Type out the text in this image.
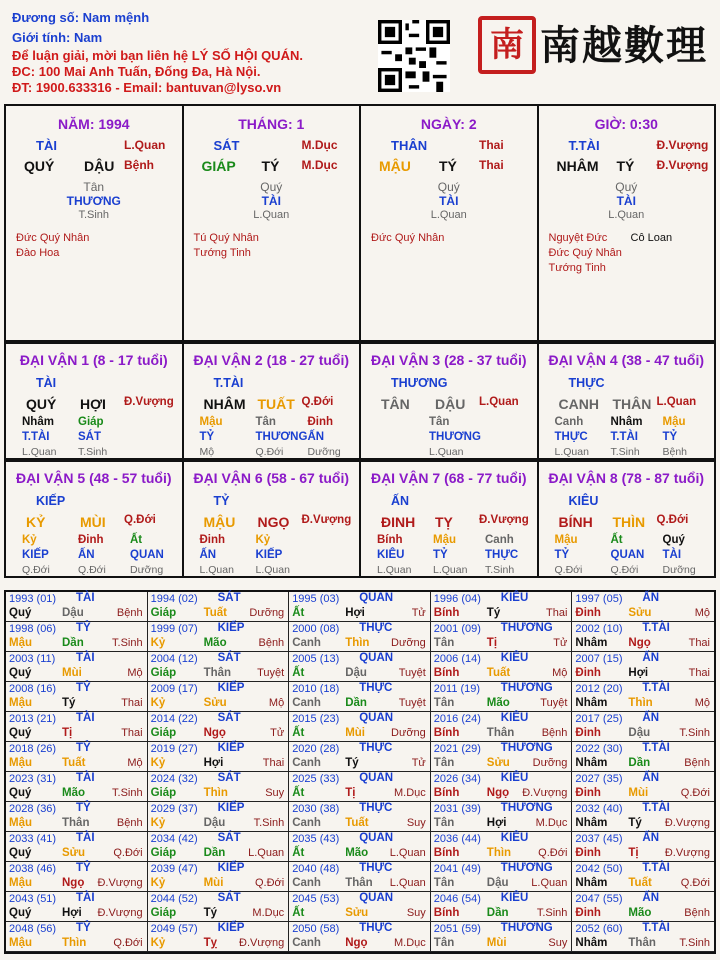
Đương số: Nam mệnh
Giới tính: Nam
Để luận giải, mời bạn liên hệ LÝ SỐ HỘI QUÁN.
ĐC: 100 Mai Anh Tuấn, Đống Đa, Hà Nội.
ĐT: 1900.633316 - Email: bantuvan@lyso.vn
南 南越數理
NĂM: 1994
TÀI	L.Quan
QUÝ DẬU Bệnh
Tân
THƯƠNG
T.Sinh
Đức Quý Nhân
Đào Hoa
THÁNG: 1
SÁT	M.Dục
GIÁP TÝ M.Dục
Quý
TÀI
L.Quan
Tú Quý Nhân
Tướng Tinh
NGÀY: 2
THÂN	Thai
MẬU TÝ Thai
Quý
TÀI
L.Quan
Đức Quý Nhân
GIỜ: 0:30
T.TÀI	Đ.Vượng
NHÂM TÝ Đ.Vượng
Quý
TÀI
L.Quan
Nguyệt Đức
Đức Quý Nhân
Tướng Tinh
Cô Loan
ĐẠI VẬN 1 (8 - 17 tuổi)
TÀI
QUÝ HỢI Đ.Vượng
Nhâm
T.TÀI
L.Quan
Giáp
SÁT
T.Sinh
ĐẠI VẬN 2 (18 - 27 tuổi)
T.TÀI
NHÂM TUẤT Q.Đới
Mậu
TỶ
Mộ
Tân
THƯƠNG
Q.Đới
Đinh
ẤN
Dưỡng
ĐẠI VẬN 3 (28 - 37 tuổi)
THƯƠNG
TÂN DẬU L.Quan
Tân
THƯƠNG
L.Quan
ĐẠI VẬN 4 (38 - 47 tuổi)
THỰC
CANH THÂN L.Quan
Canh
THỰC
L.Quan
Nhâm
T.TÀI
T.Sinh
Mậu
TỶ
Bệnh
ĐẠI VẬN 5 (48 - 57 tuổi)
KIẾP
KỶ MÙI Q.Đới
Kỷ
KIẾP
Q.Đới
Đinh
ẤN
Q.Đới
Ất
QUAN
Dưỡng
ĐẠI VẬN 6 (58 - 67 tuổi)
TỶ
MẬU NGỌ Đ.Vượng
Đinh
ẤN
L.Quan
Kỷ
KIẾP
L.Quan
ĐẠI VẬN 7 (68 - 77 tuổi)
ẤN
ĐINH TỴ Đ.Vượng
Bính
KIÊU
L.Quan
Mậu
TỶ
L.Quan
Canh
THỰC
T.Sinh
ĐẠI VẬN 8 (78 - 87 tuổi)
KIÊU
BÍNH THÌN Q.Đới
Mậu
TỶ
Q.Đới
Ất
QUAN
Q.Đới
Quý
TÀI
Dưỡng
1993 (01) TÀI
Quý	Dậu	Bệnh
1994 (02) SÁT
Giáp Tuất Dưỡng
1995 (03) QUAN
Ất	Hợi	Tử
1996 (04) KIÊU
Bính Tý	Thai
1997 (05) ẤN
Đinh Sửu	Mộ
1998 (06) TỶ
Mậu	Dần	T.Sinh
1999 (07) KIẾP
Kỷ	Mão	Bệnh
2000 (08) THỰC
Canh Thìn Dưỡng
2001 (09) THƯƠNG
Tân	Tị	Tử
2002 (10) T.TÀI
Nhâm Ngọ	Thai
2003 (11) TÀI
Quý	Mùi	Mộ
2004 (12) SÁT
Giáp Thân Tuyệt
2005 (13) QUAN
Ất	Dậu	Tuyệt
2006 (14) KIÊU
Bính Tuất	Mộ
2007 (15) ẤN
Đinh Hợi	Thai
2008 (16) TỶ
Mậu	Tý	Thai
2009 (17) KIẾP
Kỷ	Sửu	Mộ
2010 (18) THỰC
Canh Dần	Tuyệt
2011 (19) THƯƠNG
Tân	Mão	Tuyệt
2012 (20) T.TÀI
Nhâm Thìn	Mộ
2013 (21) TÀI
Quý	Tị	Thai
2014 (22) SÁT
Giáp Ngọ	Tử
2015 (23) QUAN
Ất	Mùi Dưỡng
2016 (24) KIÊU
Bính Thân Bệnh
2017 (25) ẤN
Đinh Dậu	T.Sinh
2018 (26) TỶ
Mậu	Tuất	Mộ
2019 (27) KIẾP
Kỷ	Hợi	Thai
2020 (28) THỰC
Canh Tý	Tử
2021 (29) THƯƠNG
Tân	Sửu Dưỡng
2022 (30) T.TÀI
Nhâm Dần	Bệnh
2023 (31) TÀI
Quý	Mão T.Sinh
2024 (32) SÁT
Giáp Thìn	Suy
2025 (33) QUAN
Ất	Tị	M.Dục
2026 (34) KIÊU
Bính Ngọ Đ.Vượng
2027 (35) ẤN
Đinh Mùi	Q.Đới
2028 (36) TỶ
Mậu	Thân Bệnh
2029 (37) KIẾP
Kỷ	Dậu	T.Sinh
2030 (38) THỰC
Canh Tuất	Suy
2031 (39) THƯƠNG
Tân	Hợi	M.Dục
2032 (40) T.TÀI
Nhâm Tý Đ.Vượng
2033 (41) TÀI
Quý	Sửu	Q.Đới
2034 (42) SÁT
Giáp Dần L.Quan
2035 (43) QUAN
Ất	Mão L.Quan
2036 (44) KIÊU
Bính Thìn Q.Đới
2037 (45) ẤN
Đinh Tị Đ.Vượng
2038 (46) TỶ
Mậu	Ngọ Đ.Vượng
2039 (47) KIẾP
Kỷ	Mùi	Q.Đới
2040 (48) THỰC
Canh Thân L.Quan
2041 (49) THƯƠNG
Tân	Dậu L.Quan
2042 (50) T.TÀI
Nhâm Tuất	Q.Đới
2043 (51) TÀI
Quý	Hợi Đ.Vượng
2044 (52) SÁT
Giáp Tý	M.Dục
2045 (53) QUAN
Ất	Sửu	Suy
2046 (54) KIÊU
Bính Dần	T.Sinh
2047 (55) ẤN
Đinh Mão	Bệnh
2048 (56) TỶ
Mậu	Thìn Q.Đới
2049 (57) KIẾP
Kỷ	Tỵ Đ.Vượng
2050 (58) THỰC
Canh Ngọ M.Dục
2051 (59) THƯƠNG
Tân	Mùi	Suy
2052 (60) T.TÀI
Nhâm Thân T.Sinh
